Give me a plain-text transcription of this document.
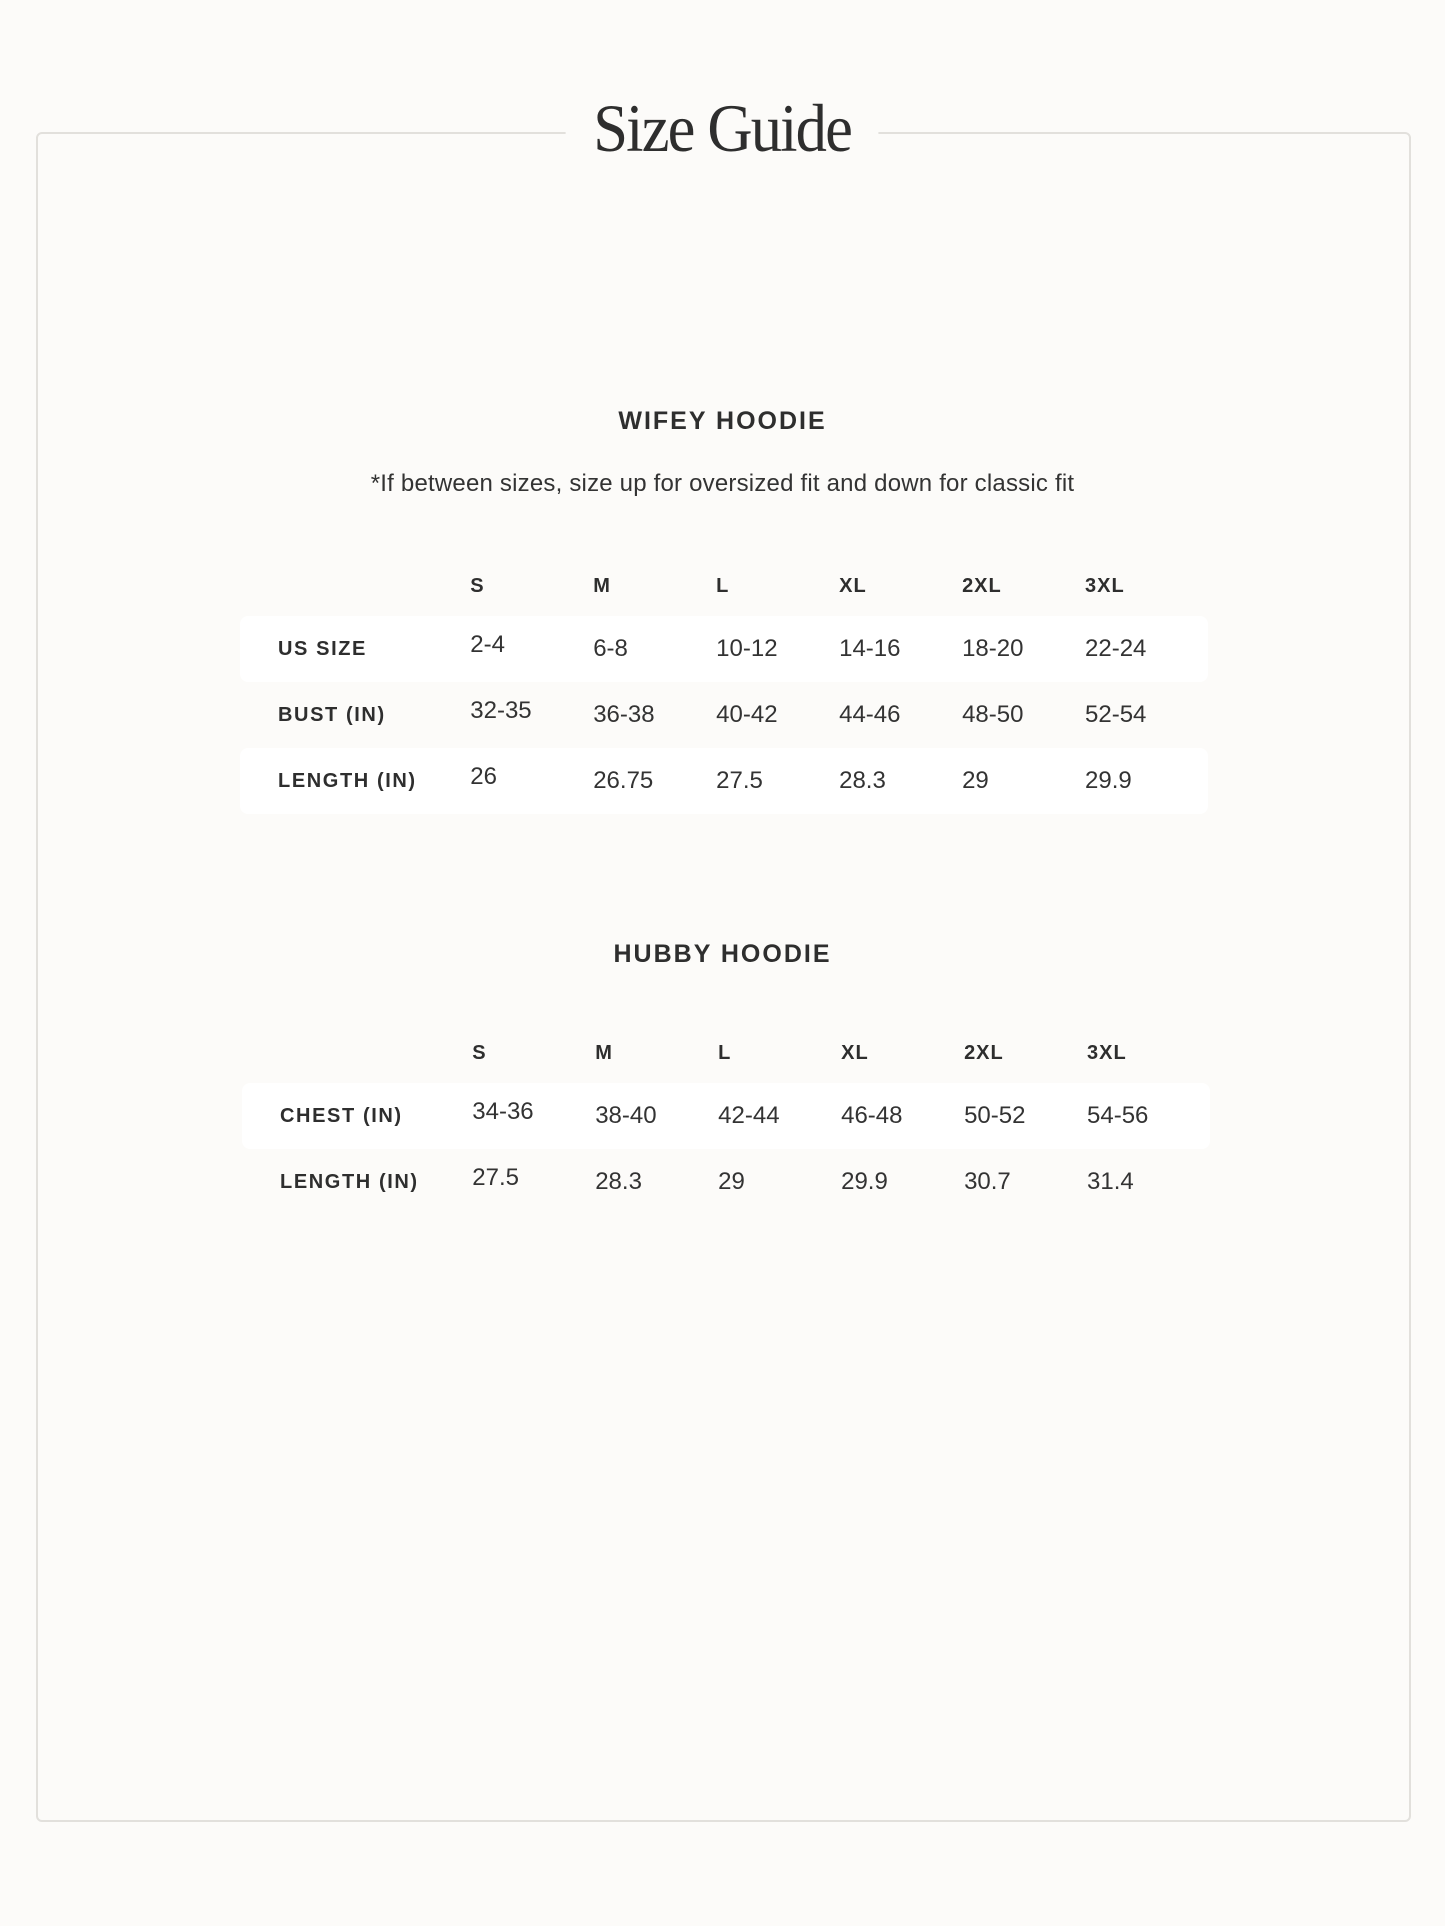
Size Guide
WIFEY HOODIE

*If between sizes, size up for oversized fit and down for classic fit

S	M	L	XL	2XL	3XL
US SIZE	2-4	6-8	10-12	14-16	18-20	22-24
BUST (IN)	32-35	36-38	40-42	44-46	48-50	52-54
LENGTH (IN)	26	26.75	27.5	28.3	29	29.9
HUBBY HOODIE
S	M	L	XL	2XL	3XL
CHEST (IN)	34-36	38-40	42-44	46-48	50-52	54-56
LENGTH (IN)	27.5	28.3	29	29.9	30.7	31.4
